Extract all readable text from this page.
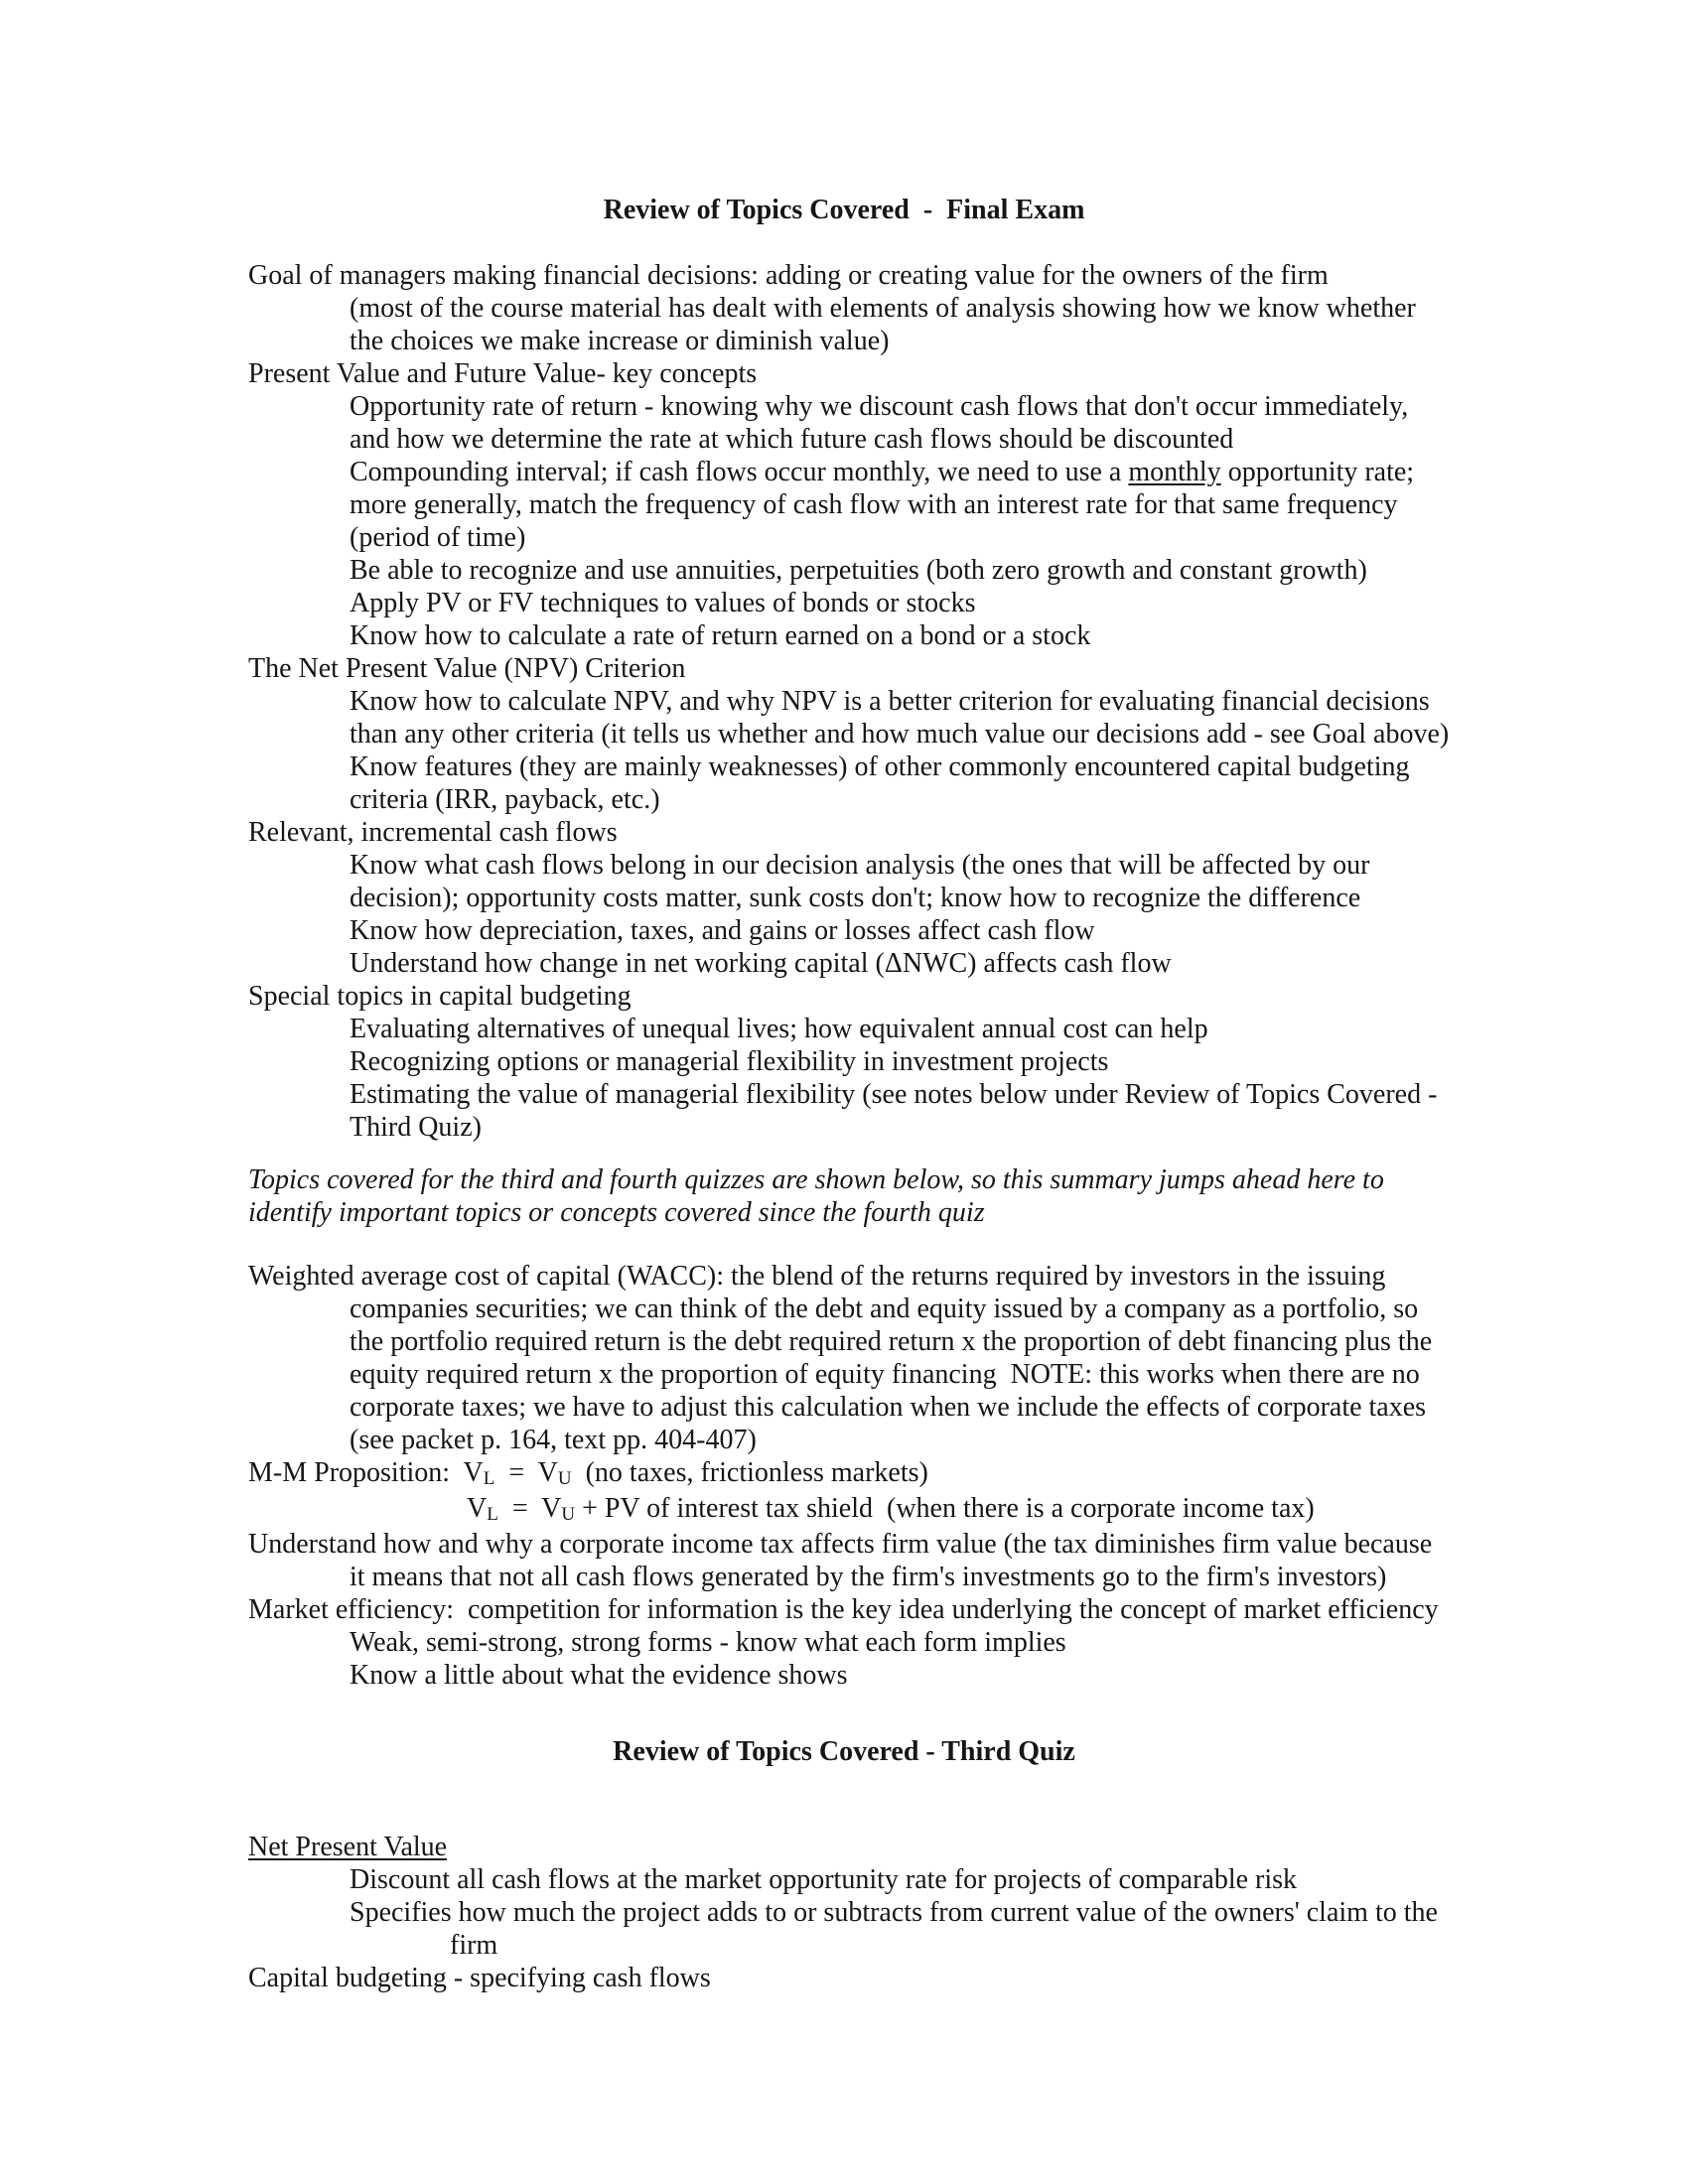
Review of Topics Covered  -  Final Exam
Goal of managers making financial decisions: adding or creating value for the owners of the firm
(most of the course material has dealt with elements of analysis showing how we know whether
the choices we make increase or diminish value)
Present Value and Future Value- key concepts
Opportunity rate of return - knowing why we discount cash flows that don't occur immediately,
and how we determine the rate at which future cash flows should be discounted
Compounding interval; if cash flows occur monthly, we need to use a monthly opportunity rate;
more generally, match the frequency of cash flow with an interest rate for that same frequency
(period of time)
Be able to recognize and use annuities, perpetuities (both zero growth and constant growth)
Apply PV or FV techniques to values of bonds or stocks
Know how to calculate a rate of return earned on a bond or a stock
The Net Present Value (NPV) Criterion
Know how to calculate NPV, and why NPV is a better criterion for evaluating financial decisions
than any other criteria (it tells us whether and how much value our decisions add - see Goal above)
Know features (they are mainly weaknesses) of other commonly encountered capital budgeting
criteria (IRR, payback, etc.)
Relevant, incremental cash flows
Know what cash flows belong in our decision analysis (the ones that will be affected by our
decision); opportunity costs matter, sunk costs don't; know how to recognize the difference
Know how depreciation, taxes, and gains or losses affect cash flow
Understand how change in net working capital (ΔNWC) affects cash flow
Special topics in capital budgeting
Evaluating alternatives of unequal lives; how equivalent annual cost can help
Recognizing options or managerial flexibility in investment projects
Estimating the value of managerial flexibility (see notes below under Review of Topics Covered -
Third Quiz)
Topics covered for the third and fourth quizzes are shown below, so this summary jumps ahead here to
identify important topics or concepts covered since the fourth quiz
Weighted average cost of capital (WACC): the blend of the returns required by investors in the issuing
companies securities; we can think of the debt and equity issued by a company as a portfolio, so
the portfolio required return is the debt required return x the proportion of debt financing plus the
equity required return x the proportion of equity financing  NOTE: this works when there are no
corporate taxes; we have to adjust this calculation when we include the effects of corporate taxes
(see packet p. 164, text pp. 404-407)
M-M Proposition:  VL  =  VU  (no taxes, frictionless markets)
VL  =  VU + PV of interest tax shield  (when there is a corporate income tax)
Understand how and why a corporate income tax affects firm value (the tax diminishes firm value because
it means that not all cash flows generated by the firm's investments go to the firm's investors)
Market efficiency:  competition for information is the key idea underlying the concept of market efficiency
Weak, semi-strong, strong forms - know what each form implies
Know a little about what the evidence shows
Review of Topics Covered - Third Quiz
Net Present Value
Discount all cash flows at the market opportunity rate for projects of comparable risk
Specifies how much the project adds to or subtracts from current value of the owners' claim to the
firm
Capital budgeting - specifying cash flows
